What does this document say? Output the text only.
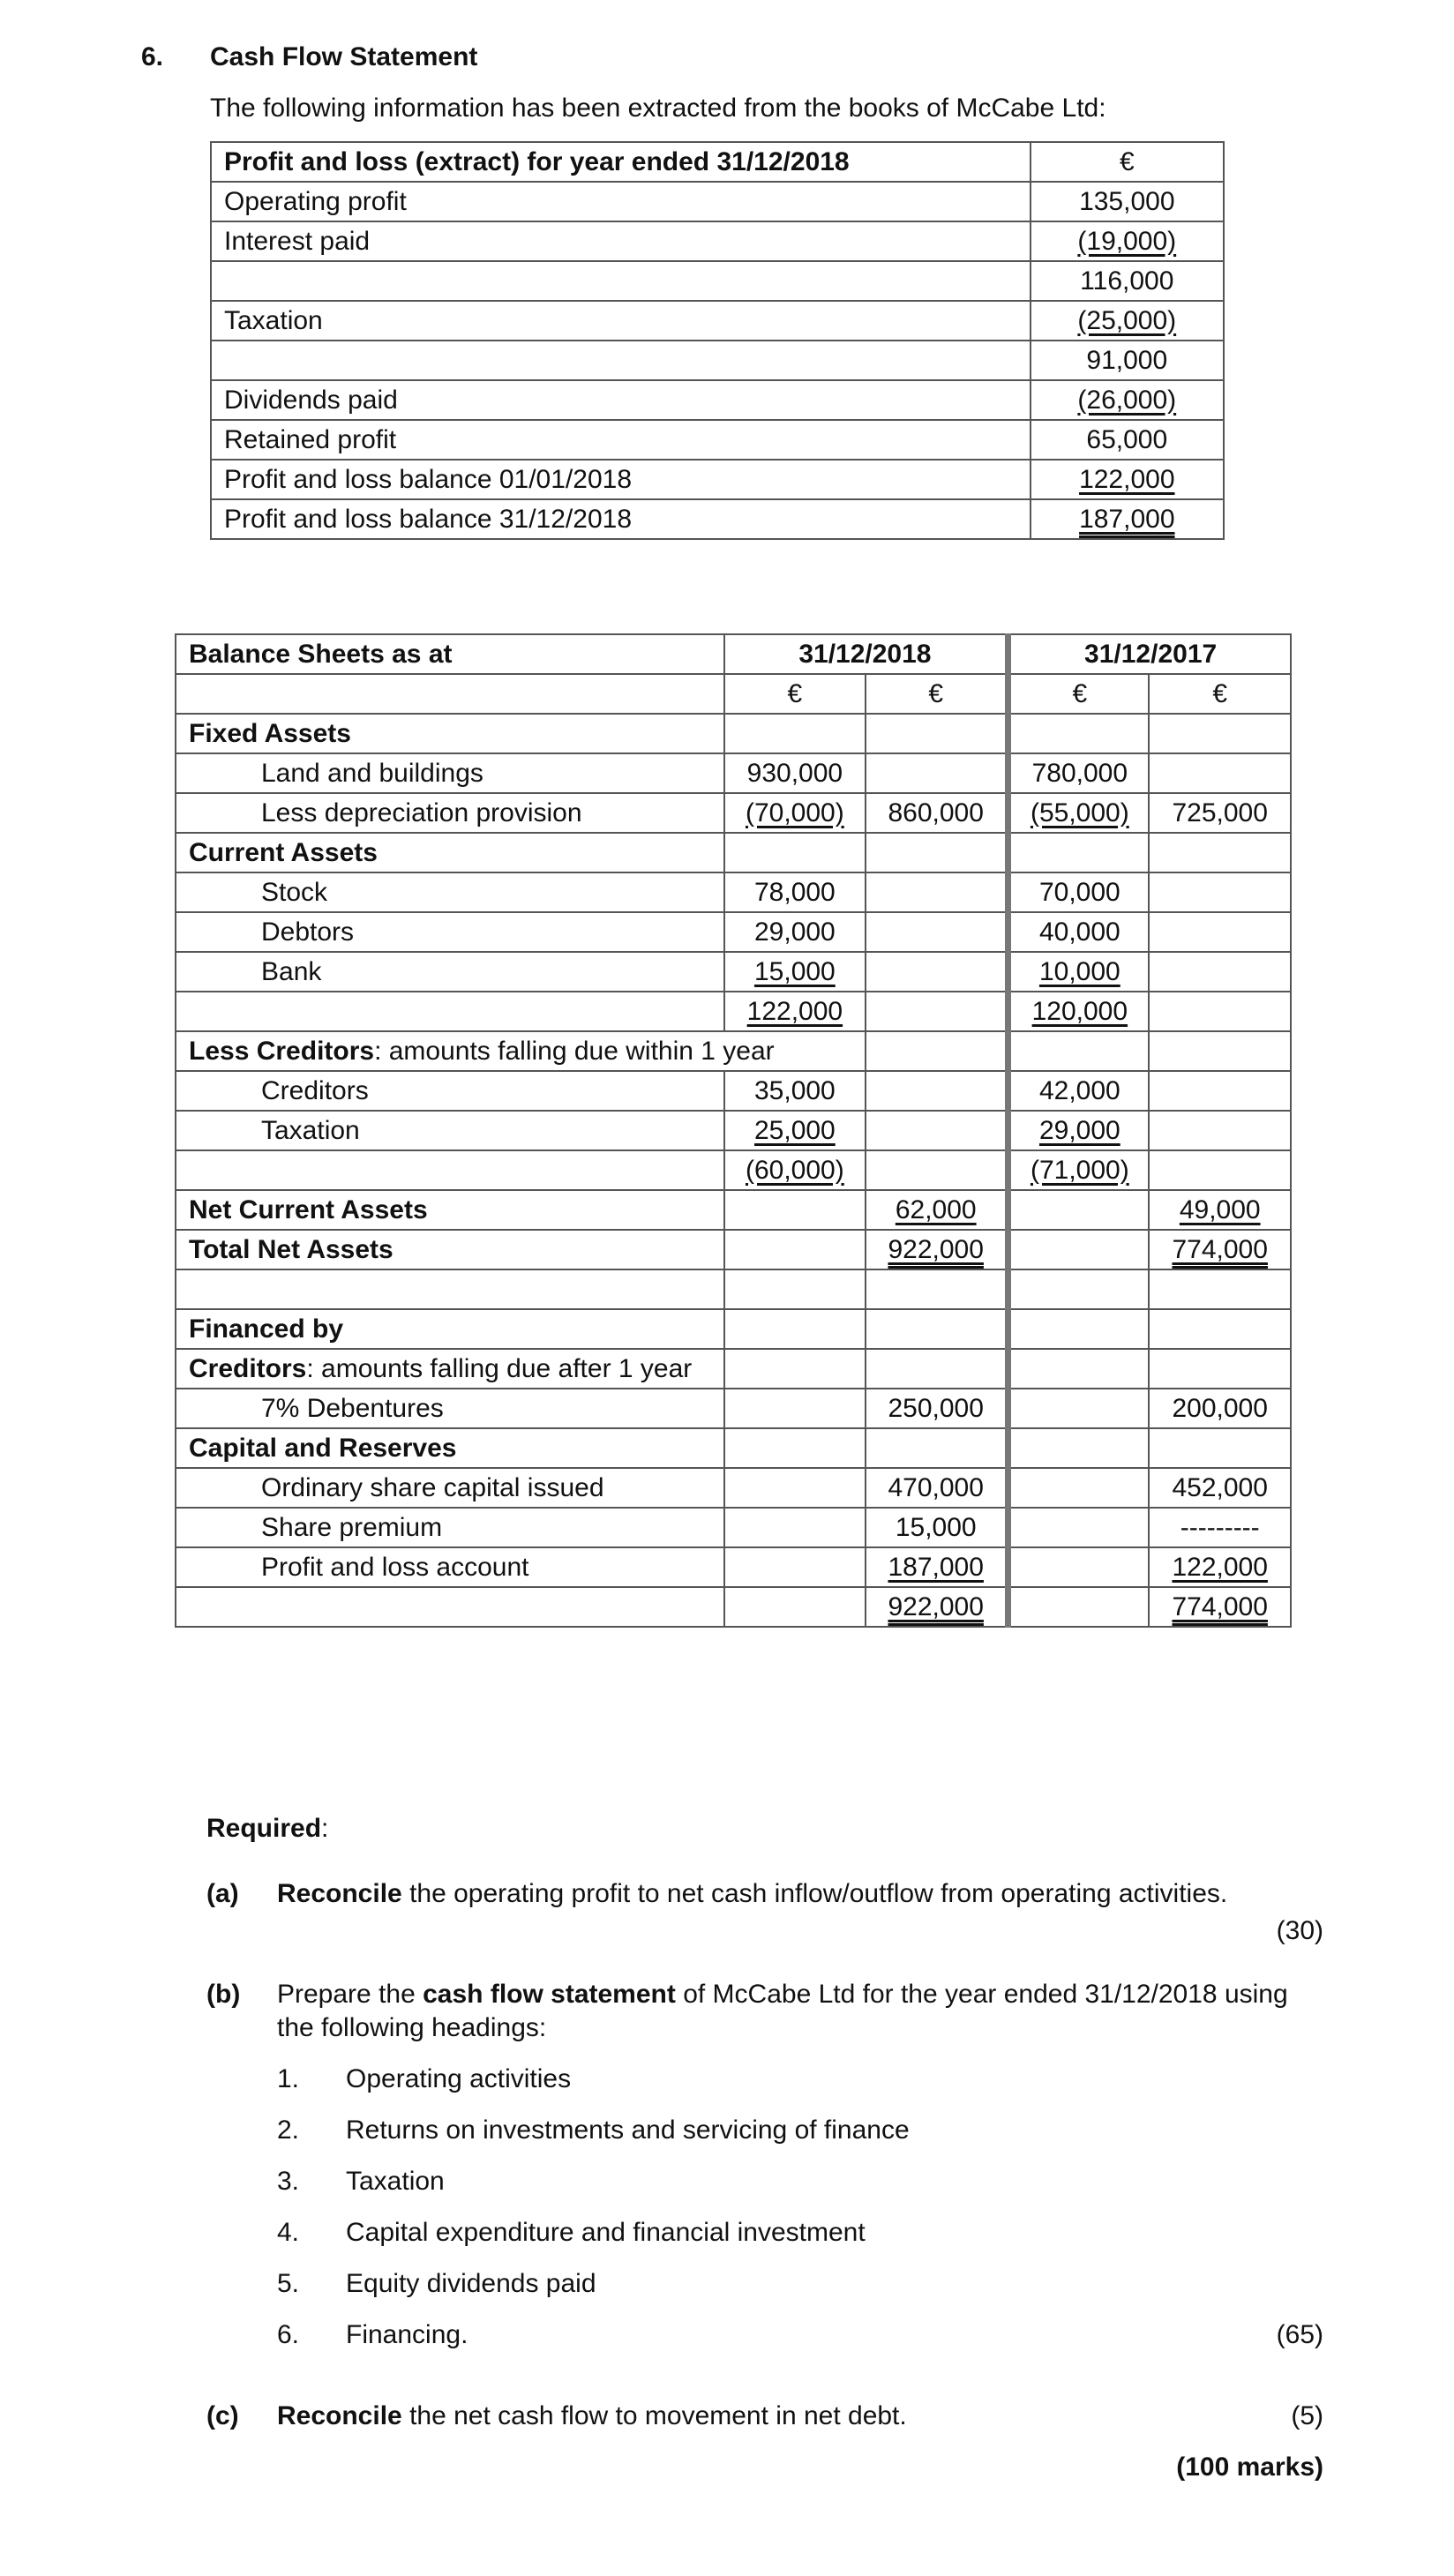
6. Cash Flow Statement
The following information has been extracted from the books of McCabe Ltd:
Profit and loss (extract) for year ended 31/12/2018	€
Operating profit	135,000
Interest paid	(19,000)
	116,000
Taxation	(25,000)
	91,000
Dividends paid	(26,000)
Retained profit	65,000
Profit and loss balance 01/01/2018	122,000
Profit and loss balance 31/12/2018	187,000
Balance Sheets as at	31/12/2018		31/12/2017	
	€	€	€	€
Fixed Assets				
Land and buildings	930,000		780,000	
Less depreciation provision	(70,000)	860,000	(55,000)	725,000
Current Assets				
Stock	78,000		70,000	
Debtors	29,000		40,000	
Bank	15,000		10,000	
	122,000		120,000	
Less Creditors: amounts falling due within 1 year				
Creditors	35,000		42,000	
Taxation	25,000		29,000	
	(60,000)		(71,000)	
Net Current Assets		62,000		49,000
Total Net Assets		922,000		774,000

Financed by				
Creditors: amounts falling due after 1 year				
7% Debentures		250,000		200,000
Capital and Reserves				
Ordinary share capital issued		470,000		452,000
Share premium		15,000		---------
Profit and loss account		187,000		122,000
		922,000		774,000
Required:
(a) Reconcile the operating profit to net cash inflow/outflow from operating activities.
(30)
(b) Prepare the cash flow statement of McCabe Ltd for the year ended 31/12/2018 using
the following headings:
1. Operating activities
2. Returns on investments and servicing of finance
3. Taxation
4. Capital expenditure and financial investment
5. Equity dividends paid
6. Financing.	(65)
(c) Reconcile the net cash flow to movement in net debt.	(5)
(100 marks)
